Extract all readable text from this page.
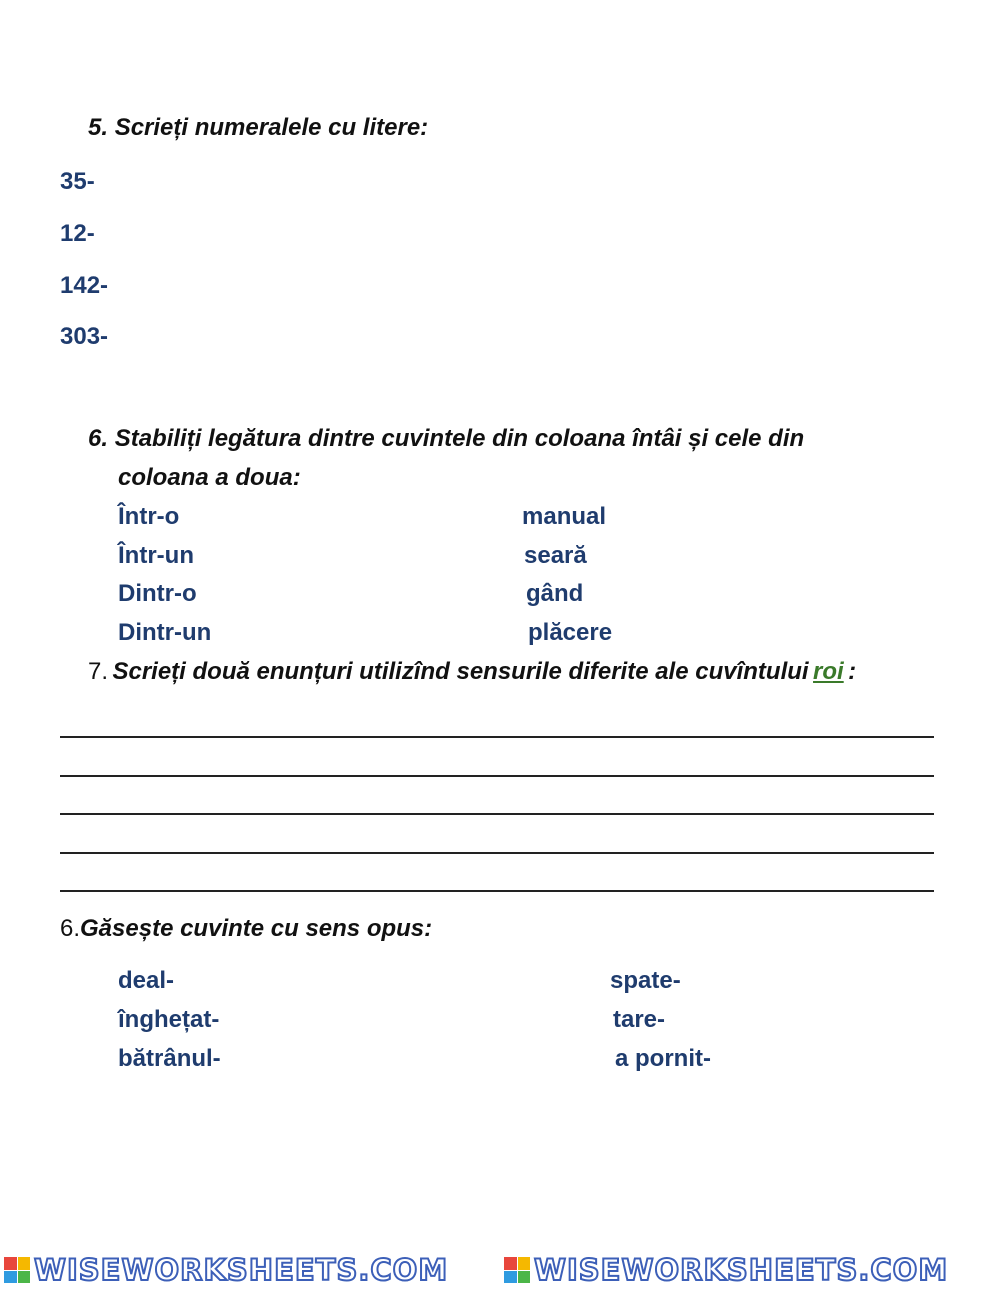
5. Scrieți numeralele cu litere:
35-
12-
142-
303-
6. Stabiliți legătura dintre cuvintele din coloana întâi și cele din
coloana a doua:
Într-o
Într-un
Dintr-o
Dintr-un
manual
seară
gând
plăcere
7. Scrieți două enunțuri utilizînd sensurile diferite ale cuvîntului roi :
6.Găsește cuvinte cu sens opus:
deal-
înghețat-
bătrânul-
spate-
tare-
a pornit-
WISEWORKSHEETS.COM	WISEWORKSHEETS.COM
